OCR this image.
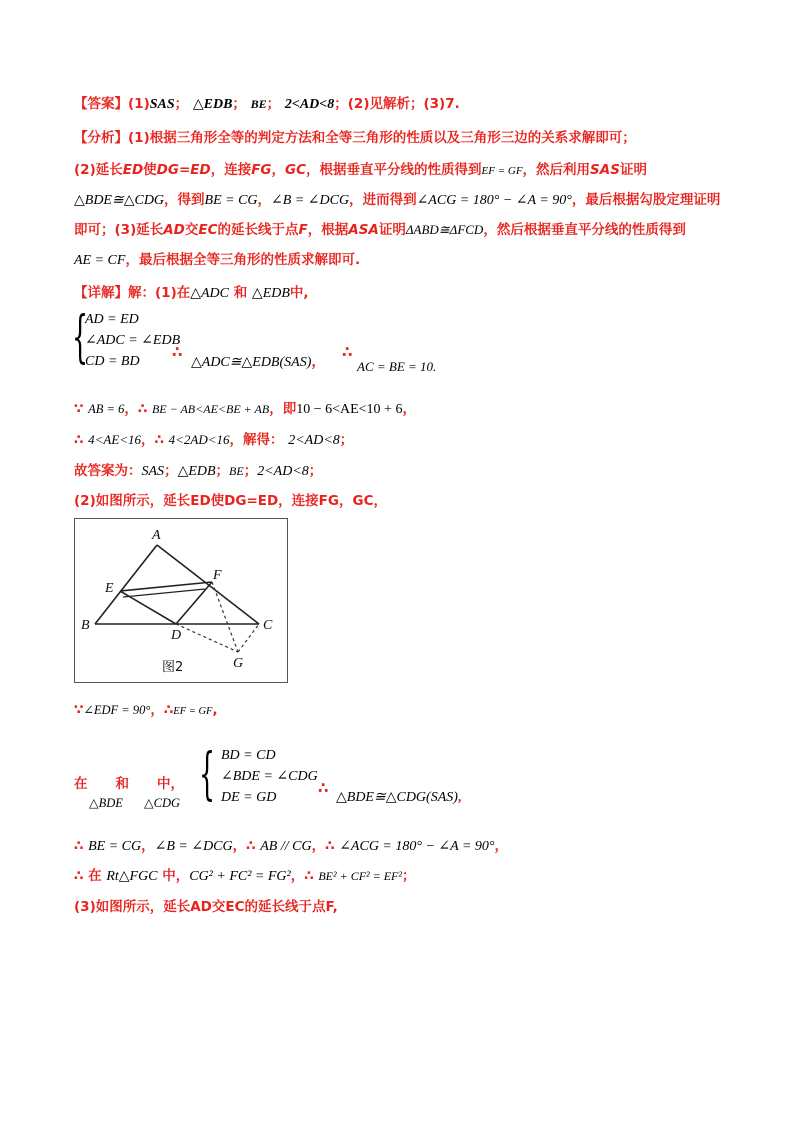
【答案】(1)SAS； △EDB； BE； 2<AD<8；(2)见解析；(3)7.
【分析】(1)根据三角形全等的判定方法和全等三角形的性质以及三角形三边的关系求解即可；
(2)延长ED使DG=ED，连接FG，GC，根据垂直平分线的性质得到EF = GF，然后利用SAS证明
△BDE≅△CDG，得到BE = CG，∠B = ∠DCG，进而得到∠ACG = 180° − ∠A = 90°，最后根据勾股定理证明
即可；(3)延长AD交EC的延长线于点F，根据ASA证明ΔABD≅ΔFCD，然后根据垂直平分线的性质得到
AE = CF，最后根据全等三角形的性质求解即可.
【详解】解：(1)在△ADC 和 △EDB中,
{
AD = ED
∠ADC = ∠EDB
CD = BD
∴
△ADC≅△EDB(SAS)，
∴
AC = BE = 10.
∵ AB = 6，∴ BE − AB<AE<BE + AB，即10 − 6<AE<10 + 6，
∴ 4<AE<16，∴ 4<2AD<16，解得： 2<AD<8；
故答案为：SAS；△EDB；BE；2<AD<8；
(2)如图所示，延长ED使DG=ED，连接FG，GC，
A
B	C
D
E
F
G
图2
∵∠EDF = 90°，∴EF = GF,
在 和 中，
△BDE △CDG { BD = CD
∠BDE = ∠CDG
DE = GD
∴
△BDE≅△CDG(SAS),
∴ BE = CG，∠B = ∠DCG，∴ AB // CG，∴ ∠ACG = 180° − ∠A = 90°，
∴ 在 Rt△FGC 中，CG² + FC² = FG²，∴ BE² + CF² = EF²；
(3)如图所示，延长AD交EC的延长线于点F,
